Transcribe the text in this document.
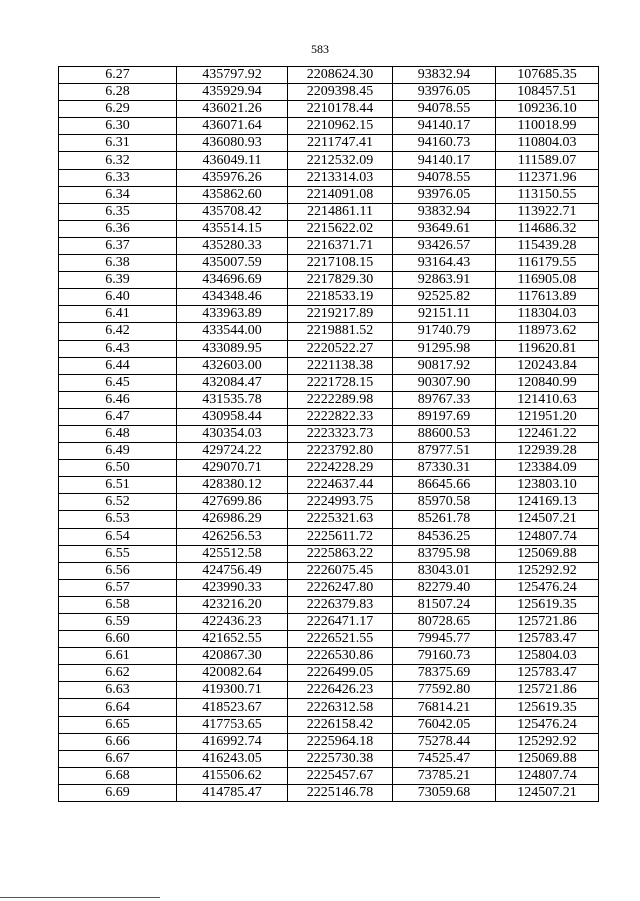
583
6.27	435797.92	2208624.30	93832.94	107685.35
6.28	435929.94	2209398.45	93976.05	108457.51
6.29	436021.26	2210178.44	94078.55	109236.10
6.30	436071.64	2210962.15	94140.17	110018.99
6.31	436080.93	2211747.41	94160.73	110804.03
6.32	436049.11	2212532.09	94140.17	111589.07
6.33	435976.26	2213314.03	94078.55	112371.96
6.34	435862.60	2214091.08	93976.05	113150.55
6.35	435708.42	2214861.11	93832.94	113922.71
6.36	435514.15	2215622.02	93649.61	114686.32
6.37	435280.33	2216371.71	93426.57	115439.28
6.38	435007.59	2217108.15	93164.43	116179.55
6.39	434696.69	2217829.30	92863.91	116905.08
6.40	434348.46	2218533.19	92525.82	117613.89
6.41	433963.89	2219217.89	92151.11	118304.03
6.42	433544.00	2219881.52	91740.79	118973.62
6.43	433089.95	2220522.27	91295.98	119620.81
6.44	432603.00	2221138.38	90817.92	120243.84
6.45	432084.47	2221728.15	90307.90	120840.99
6.46	431535.78	2222289.98	89767.33	121410.63
6.47	430958.44	2222822.33	89197.69	121951.20
6.48	430354.03	2223323.73	88600.53	122461.22
6.49	429724.22	2223792.80	87977.51	122939.28
6.50	429070.71	2224228.29	87330.31	123384.09
6.51	428380.12	2224637.44	86645.66	123803.10
6.52	427699.86	2224993.75	85970.58	124169.13
6.53	426986.29	2225321.63	85261.78	124507.21
6.54	426256.53	2225611.72	84536.25	124807.74
6.55	425512.58	2225863.22	83795.98	125069.88
6.56	424756.49	2226075.45	83043.01	125292.92
6.57	423990.33	2226247.80	82279.40	125476.24
6.58	423216.20	2226379.83	81507.24	125619.35
6.59	422436.23	2226471.17	80728.65	125721.86
6.60	421652.55	2226521.55	79945.77	125783.47
6.61	420867.30	2226530.86	79160.73	125804.03
6.62	420082.64	2226499.05	78375.69	125783.47
6.63	419300.71	2226426.23	77592.80	125721.86
6.64	418523.67	2226312.58	76814.21	125619.35
6.65	417753.65	2226158.42	76042.05	125476.24
6.66	416992.74	2225964.18	75278.44	125292.92
6.67	416243.05	2225730.38	74525.47	125069.88
6.68	415506.62	2225457.67	73785.21	124807.74
6.69	414785.47	2225146.78	73059.68	124507.21
